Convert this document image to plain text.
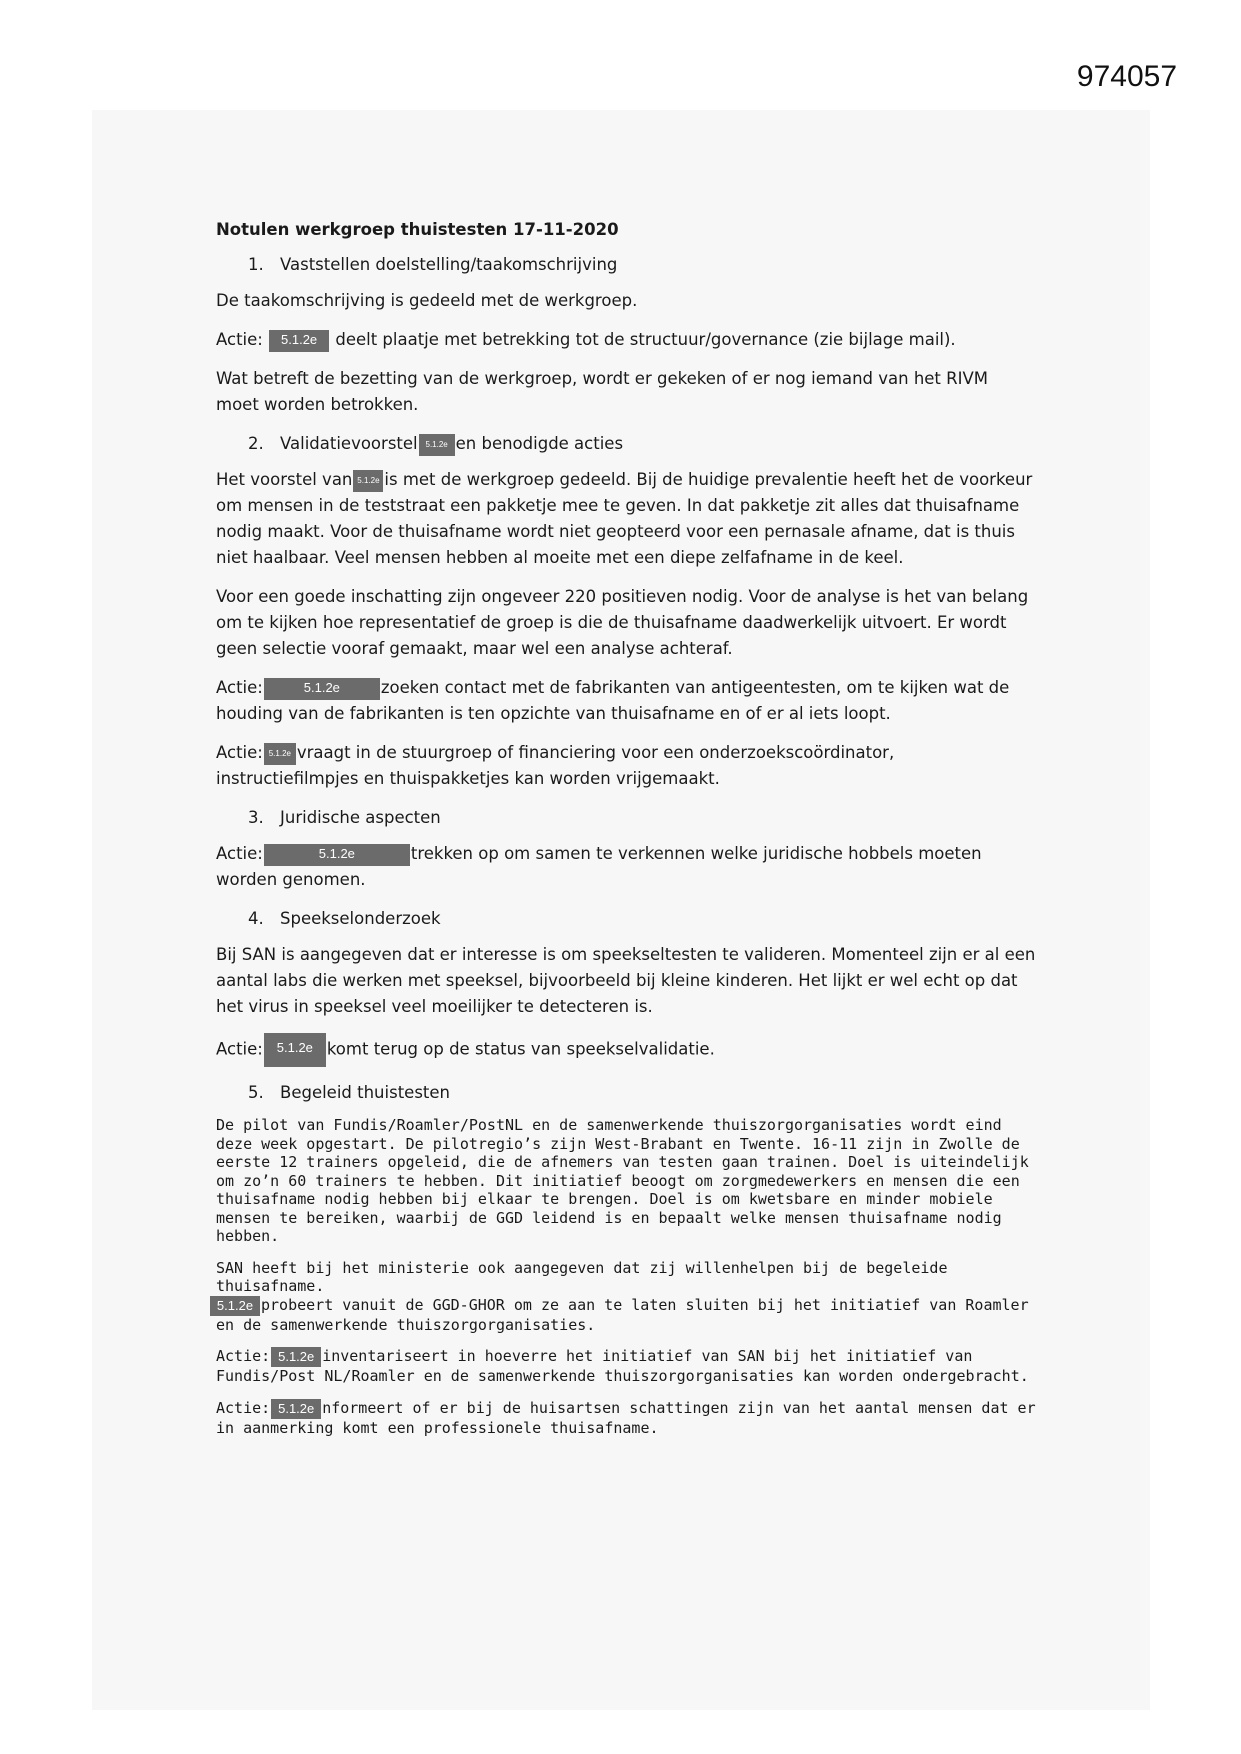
974057
Notulen werkgroep thuistesten 17-11-2020
1. Vaststellen doelstelling/taakomschrijving

De taakomschrijving is gedeeld met de werkgroep.

Actie: 5.1.2e deelt plaatje met betrekking tot de structuur/governance (zie bijlage mail).

Wat betreft de bezetting van de werkgroep, wordt er gekeken of er nog iemand van het RIVM moet worden betrokken.

2. Validatievoorstel 5.1.2e en benodigde acties

Het voorstel van 5.1.2e is met de werkgroep gedeeld. Bij de huidige prevalentie heeft het de voorkeur om mensen in de teststraat een pakketje mee te geven. In dat pakketje zit alles dat thuisafname nodig maakt. Voor de thuisafname wordt niet geopteerd voor een pernasale afname, dat is thuis niet haalbaar. Veel mensen hebben al moeite met een diepe zelfafname in de keel.

Voor een goede inschatting zijn ongeveer 220 positieven nodig. Voor de analyse is het van belang om te kijken hoe representatief de groep is die de thuisafname daadwerkelijk uitvoert. Er wordt geen selectie vooraf gemaakt, maar wel een analyse achteraf.

Actie:	5.1.2e zoeken contact met de fabrikanten van antigeentesten, om te kijken wat de houding van de fabrikanten is ten opzichte van thuisafname en of er al iets loopt.

Actie: 5.1.2e vraagt in de stuurgroep of financiering voor een onderzoekscoördinator, instructiefilmpjes en thuispakketjes kan worden vrijgemaakt.

3. Juridische aspecten

Actie:	5.1.2e	trekken op om samen te verkennen welke juridische hobbels moeten worden genomen.

4. Speekselonderzoek

Bij SAN is aangegeven dat er interesse is om speekseltesten te valideren. Momenteel zijn er al een aantal labs die werken met speeksel, bijvoorbeeld bij kleine kinderen. Het lijkt er wel echt op dat het virus in speeksel veel moeilijker te detecteren is.

Actie: 5.1.2e komt terug op de status van speekselvalidatie.

5. Begeleid thuistesten

De pilot van Fundis/Roamler/PostNL en de samenwerkende thuiszorgorganisaties wordt eind deze week opgestart. De pilotregio’s zijn West-Brabant en Twente. 16-11 zijn in Zwolle de eerste 12 trainers opgeleid, die de afnemers van testen gaan trainen. Doel is uiteindelijk om zo’n 60 trainers te hebben. Dit initiatief beoogt om zorgmedewerkers en mensen die een thuisafname nodig hebben bij elkaar te brengen. Doel is om kwetsbare en minder mobiele mensen te bereiken, waarbij de GGD leidend is en bepaalt welke mensen thuisafname nodig hebben.

SAN heeft bij het ministerie ook aangegeven dat zij willenhelpen bij de begeleide thuisafname.
5.1.2e probeert vanuit de GGD-GHOR om ze aan te laten sluiten bij het initiatief van Roamler en de samenwerkende thuiszorgorganisaties.

Actie: 5.1.2e inventariseert in hoeverre het initiatief van SAN bij het initiatief van Fundis/Post NL/Roamler en de samenwerkende thuiszorgorganisaties kan worden ondergebracht.

Actie: 5.1.2e nformeert of er bij de huisartsen schattingen zijn van het aantal mensen dat er in aanmerking komt een professionele thuisafname.
